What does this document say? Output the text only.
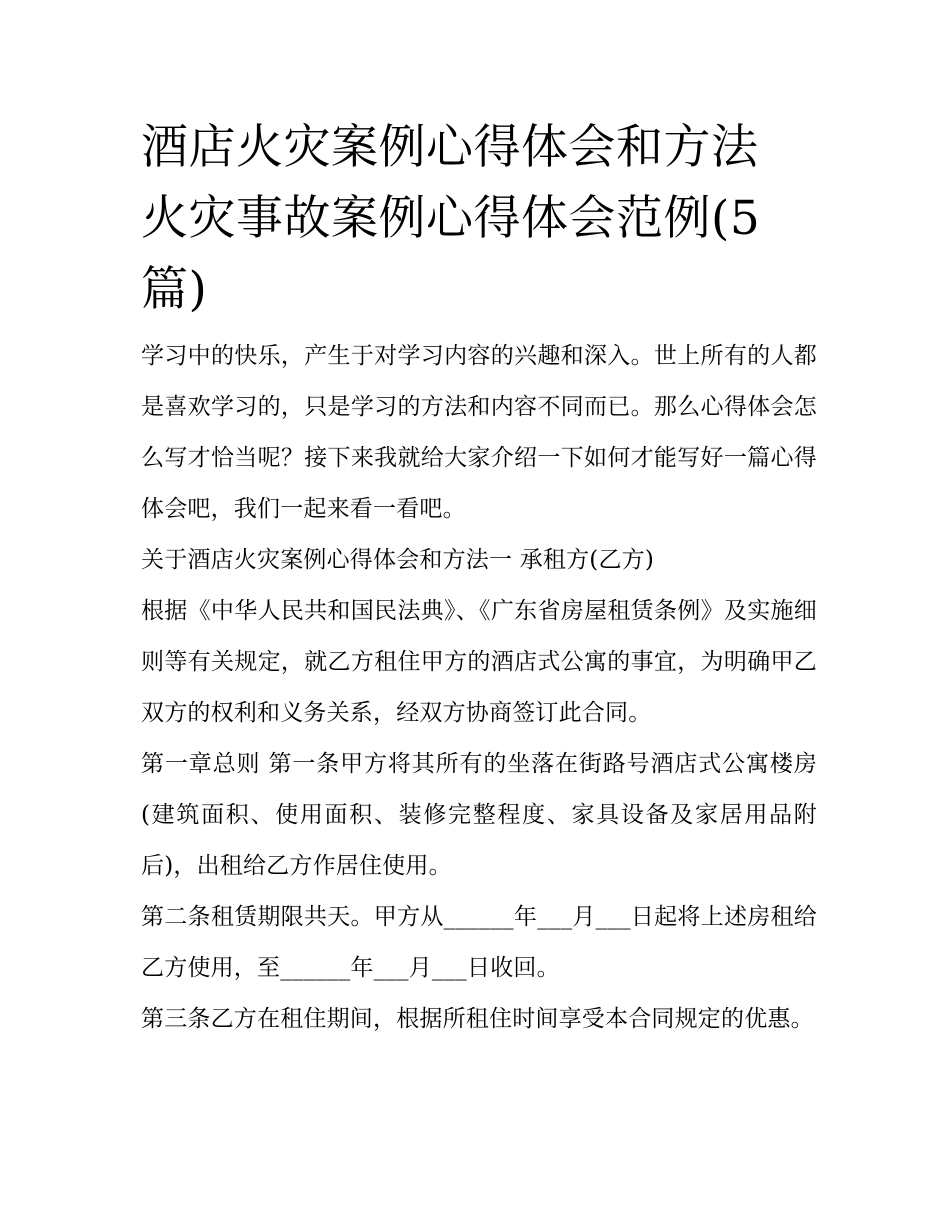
酒店火灾案例心得体会和方法
火灾事故案例心得体会范例(5
篇)

学习中的快乐，产生于对学习内容的兴趣和深入。世上所有的人都是喜欢学习的，只是学习的方法和内容不同而已。那么心得体会怎么写才恰当呢？接下来我就给大家介绍一下如何才能写好一篇心得体会吧，我们一起来看一看吧。

关于酒店火灾案例心得体会和方法一 承租方(乙方)

根据《中华人民共和国民法典》、《广东省房屋租赁条例》及实施细则等有关规定，就乙方租住甲方的酒店式公寓的事宜，为明确甲乙双方的权利和义务关系，经双方协商签订此合同。

第一章总则 第一条甲方将其所有的坐落在街路号酒店式公寓楼房(建筑面积、使用面积、装修完整程度、家具设备及家居用品附后)，出租给乙方作居住使用。

第二条租赁期限共天。甲方从______年___月___日起将上述房租给乙方使用，至______年___月___日收回。

第三条乙方在租住期间，根据所租住时间享受本合同规定的优惠。
